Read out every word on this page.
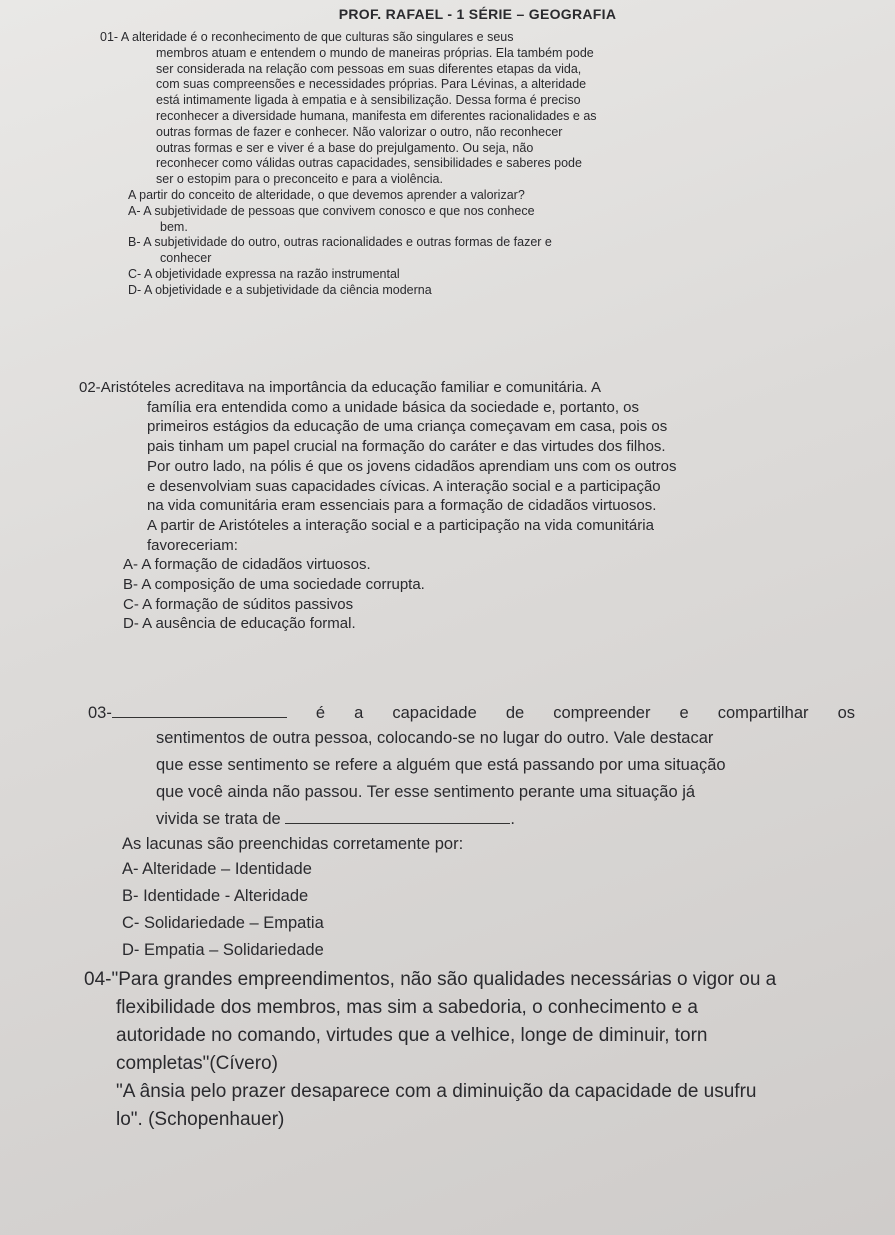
PROF. RAFAEL - 1 SÉRIE – GEOGRAFIA

01- A alteridade é o reconhecimento de que culturas são singulares e seus

membros atuam e entendem o mundo de maneiras próprias. Ela também pode
ser considerada na relação com pessoas em suas diferentes etapas da vida,
com suas compreensões e necessidades próprias. Para Lévinas, a alteridade
está intimamente ligada à empatia e à sensibilização. Dessa forma é preciso
reconhecer a diversidade humana, manifesta em diferentes racionalidades e as
outras formas de fazer e conhecer. Não valorizar o outro, não reconhecer
outras formas e ser e viver é a base do prejulgamento. Ou seja, não
reconhecer como válidas outras capacidades, sensibilidades e saberes pode
ser o estopim para o preconceito e para a violência.
A partir do conceito de alteridade, o que devemos aprender a valorizar?
A- A subjetividade de pessoas que convivem conosco e que nos conhece
bem.
B- A subjetividade do outro, outras racionalidades e outras formas de fazer e
conhecer
C- A objetividade expressa na razão instrumental
D- A objetividade e a subjetividade da ciência moderna

02-Aristóteles acreditava na importância da educação familiar e comunitária. A

família era entendida como a unidade básica da sociedade e, portanto, os
primeiros estágios da educação de uma criança começavam em casa, pois os
pais tinham um papel crucial na formação do caráter e das virtudes dos filhos.
Por outro lado, na pólis é que os jovens cidadãos aprendiam uns com os outros
e desenvolviam suas capacidades cívicas. A interação social e a participação
na vida comunitária eram essenciais para a formação de cidadãos virtuosos.
A partir de Aristóteles a interação social e a participação na vida comunitária
favoreceriam:
A- A formação de cidadãos virtuosos.
B- A composição de uma sociedade corrupta.
C- A formação de súditos passivos
D- A ausência de educação formal.

03-	é a capacidade de compreender e compartilhar os

sentimentos de outra pessoa, colocando-se no lugar do outro. Vale destacar
que esse sentimento se refere a alguém que está passando por uma situação
que você ainda não passou. Ter esse sentimento perante uma situação já
vivida se trata de	.
As lacunas são preenchidas corretamente por:
A- Alteridade – Identidade
B- Identidade - Alteridade
C- Solidariedade – Empatia
D- Empatia – Solidariedade
04-"Para grandes empreendimentos, não são qualidades necessárias o vigor ou a
flexibilidade dos membros, mas sim a sabedoria, o conhecimento e a
autoridade no comando, virtudes que a velhice, longe de diminuir, torn
completas"(Cívero)
"A ânsia pelo prazer desaparece com a diminuição da capacidade de usufru
lo". (Schopenhauer)
